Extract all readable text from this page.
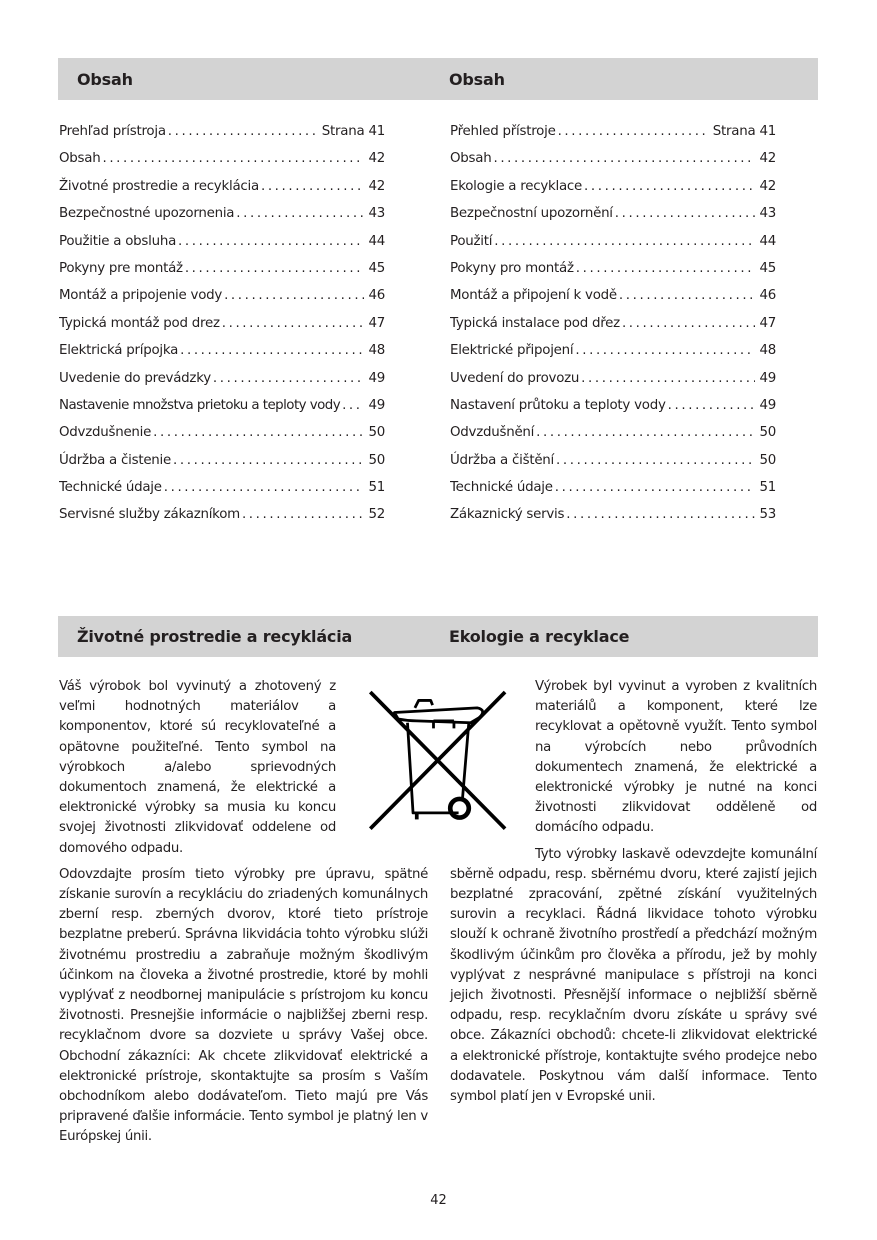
Obsah	Obsah
Prehľad prístroja .....	Strana 41
Obsah .....	42
Životné prostredie a recyklácia .....	42
Bezpečnostné upozornenia .....	43
Použitie a obsluha .....	44
Pokyny pre montáž .....	45
Montáž a pripojenie vody .....	46
Typická montáž pod drez .....	47
Elektrická prípojka .....	48
Uvedenie do prevádzky .....	49
Nastavenie množstva prietoku a teploty vody ..... 49
Odvzdušnenie .....	50
Údržba a čistenie .....	50
Technické údaje .....	51
Servisné služby zákazníkom .....	52
Přehled přístroje .....	Strana 41
Obsah .....	42
Ekologie a recyklace .....	42
Bezpečnostní upozornění .....	43
Použití .....	44
Pokyny pro montáž .....	45
Montáž a připojení k vodě .....	46
Typická instalace pod dřez .....	47
Elektrické připojení .....	48
Uvedení do provozu .....	49
Nastavení průtoku a teploty vody .....	49
Odvzdušnění .....	50
Údržba a čištění .....	50
Technické údaje .....	51
Zákaznický servis .....	53
Životné prostredie a recyklácia	Ekologie a recyklace

Váš výrobok bol vyvinutý a zhotovený z veľmi hodnotných materiálov a komponentov, ktoré sú recyklovateľné a opätovne použiteľné. Tento symbol na výrobkoch a/alebo sprievodných dokumentoch znamená, že elektrické a elektronické výrobky sa musia ku koncu svojej životnosti zlikvidovať oddelene od domového odpadu.

Odovzdajte prosím tieto výrobky pre úpravu, spätné získanie surovín a recykláciu do zriadených komunálnych zberní resp. zberných dvorov, ktoré tieto prístroje bezplatne preberú. Správna likvidácia tohto výrobku slúži životnému prostrediu a zabraňuje možným škodlivým účinkom na človeka a životné prostredie, ktoré by mohli vyplývať z neodbornej manipulácie s prístrojom ku koncu životnosti. Presnejšie informácie o najbližšej zberni resp. recyklačnom dvore sa dozviete u správy Vašej obce. Obchodní zákazníci: Ak chcete zlikvidovať elektrické a elektronické prístroje, skontaktujte sa prosím s Vaším obchodníkom alebo dodávateľom. Tieto majú pre Vás pripravené ďalšie informácie. Tento symbol je platný len v Európskej únii.

Výrobek byl vyvinut a vyroben z kvalitních materiálů a komponent, které lze recyklovat a opětovně využít. Tento symbol na výrobcích nebo průvodních dokumentech znamená, že elektrické a elektronické výrobky je nutné na konci životnosti zlikvidovat odděleně od domácího odpadu.

Tyto výrobky laskavě odevzdejte komunální sběrně odpadu, resp. sběrnému dvoru, které zajistí jejich bezplatné zpracování, zpětné získání využitelných surovin a recyklaci. Řádná likvidace tohoto výrobku slouží k ochraně životního prostředí a předchází možným škodlivým účinkům pro člověka a přírodu, jež by mohly vyplývat z nesprávné manipulace s přístroji na konci jejich životnosti. Přesnější informace o nejbližší sběrně odpadu, resp. recyklačním dvoru získáte u správy své obce. Zákazníci obchodů: chcete-li zlikvidovat elektrické a elektronické přístroje, kontaktujte svého prodejce nebo dodavatele. Poskytnou vám další informace. Tento symbol platí jen v Evropské unii.

42
